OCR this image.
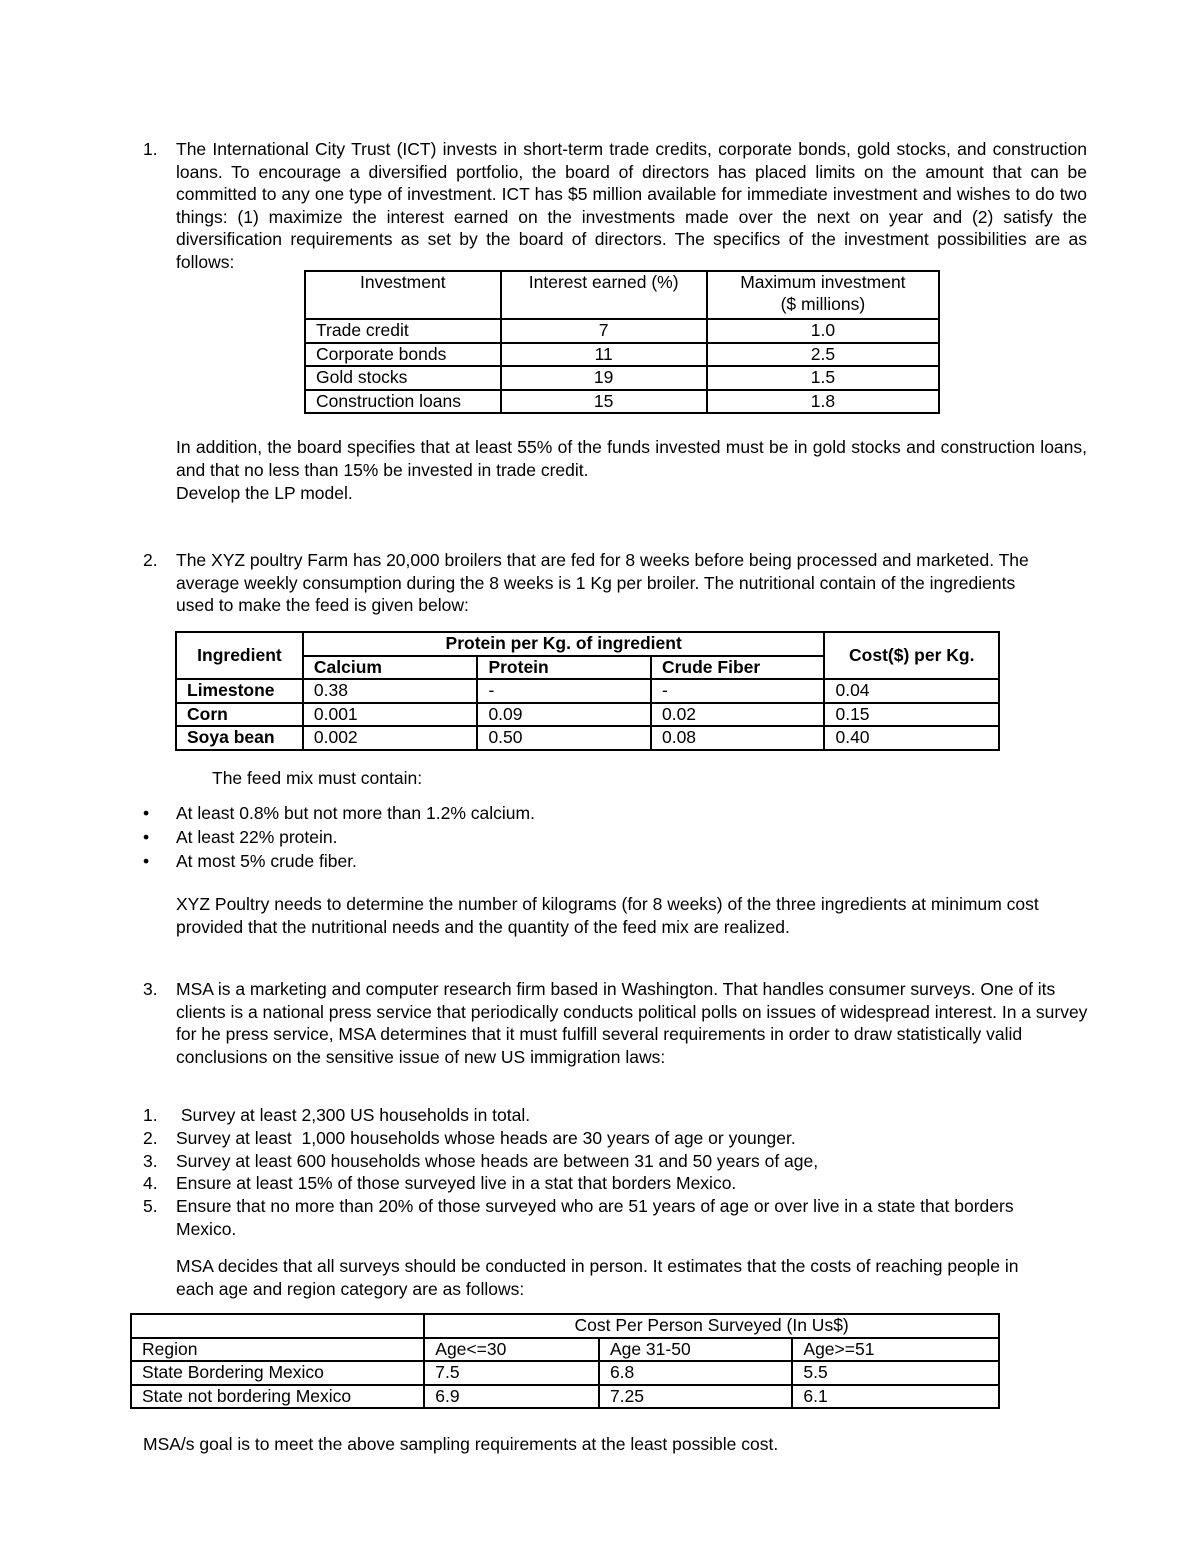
1. The International City Trust (ICT) invests in short-term trade credits, corporate bonds, gold stocks, and construction loans. To encourage a diversified portfolio, the board of directors has placed limits on the amount that can be committed to any one type of investment. ICT has $5 million available for immediate investment and wishes to do two things: (1) maximize the interest earned on the investments made over the next on year and (2) satisfy the diversification requirements as set by the board of directors. The specifics of the investment possibilities are as follows:
Investment	Interest earned (%)	Maximum investment
($ millions)

Trade credit	7	1.0
Corporate bonds	11	2.5
Gold stocks	19	1.5
Construction loans	15	1.8
In addition, the board specifies that at least 55% of the funds invested must be in gold stocks and construction loans, and that no less than 15% be invested in trade credit.
Develop the LP model.
2. The XYZ poultry Farm has 20,000 broilers that are fed for 8 weeks before being processed and marketed. The average weekly consumption during the 8 weeks is 1 Kg per broiler. The nutritional contain of the ingredients used to make the feed is given below:
Ingredient	Protein per Kg. of ingredient			Cost($) per Kg.
	Calcium	Protein	Crude Fiber	
Limestone	0.38	-	-	0.04
Corn	0.001	0.09	0.02	0.15
Soya bean	0.002	0.50	0.08	0.40
The feed mix must contain:
• At least 0.8% but not more than 1.2% calcium.
• At least 22% protein.
• At most 5% crude fiber.
XYZ Poultry needs to determine the number of kilograms (for 8 weeks) of the three ingredients at minimum cost provided that the nutritional needs and the quantity of the feed mix are realized.
3. MSA is a marketing and computer research firm based in Washington. That handles consumer surveys. One of its clients is a national press service that periodically conducts political polls on issues of widespread interest. In a survey for he press service, MSA determines that it must fulfill several requirements in order to draw statistically valid conclusions on the sensitive issue of new US immigration laws:
1. Survey at least 2,300 US households in total.
2. Survey at least  1,000 households whose heads are 30 years of age or younger.
3. Survey at least 600 households whose heads are between 31 and 50 years of age,
4. Ensure at least 15% of those surveyed live in a stat that borders Mexico.
5. Ensure that no more than 20% of those surveyed who are 51 years of age or over live in a state that borders Mexico.
MSA decides that all surveys should be conducted in person. It estimates that the costs of reaching people in each age and region category are as follows:
	Cost Per Person Surveyed (In Us$)		
Region	Age<=30	Age 31-50	Age>=51
State Bordering Mexico	7.5	6.8	5.5
State not bordering Mexico	6.9	7.25	6.1
MSA/s goal is to meet the above sampling requirements at the least possible cost.
